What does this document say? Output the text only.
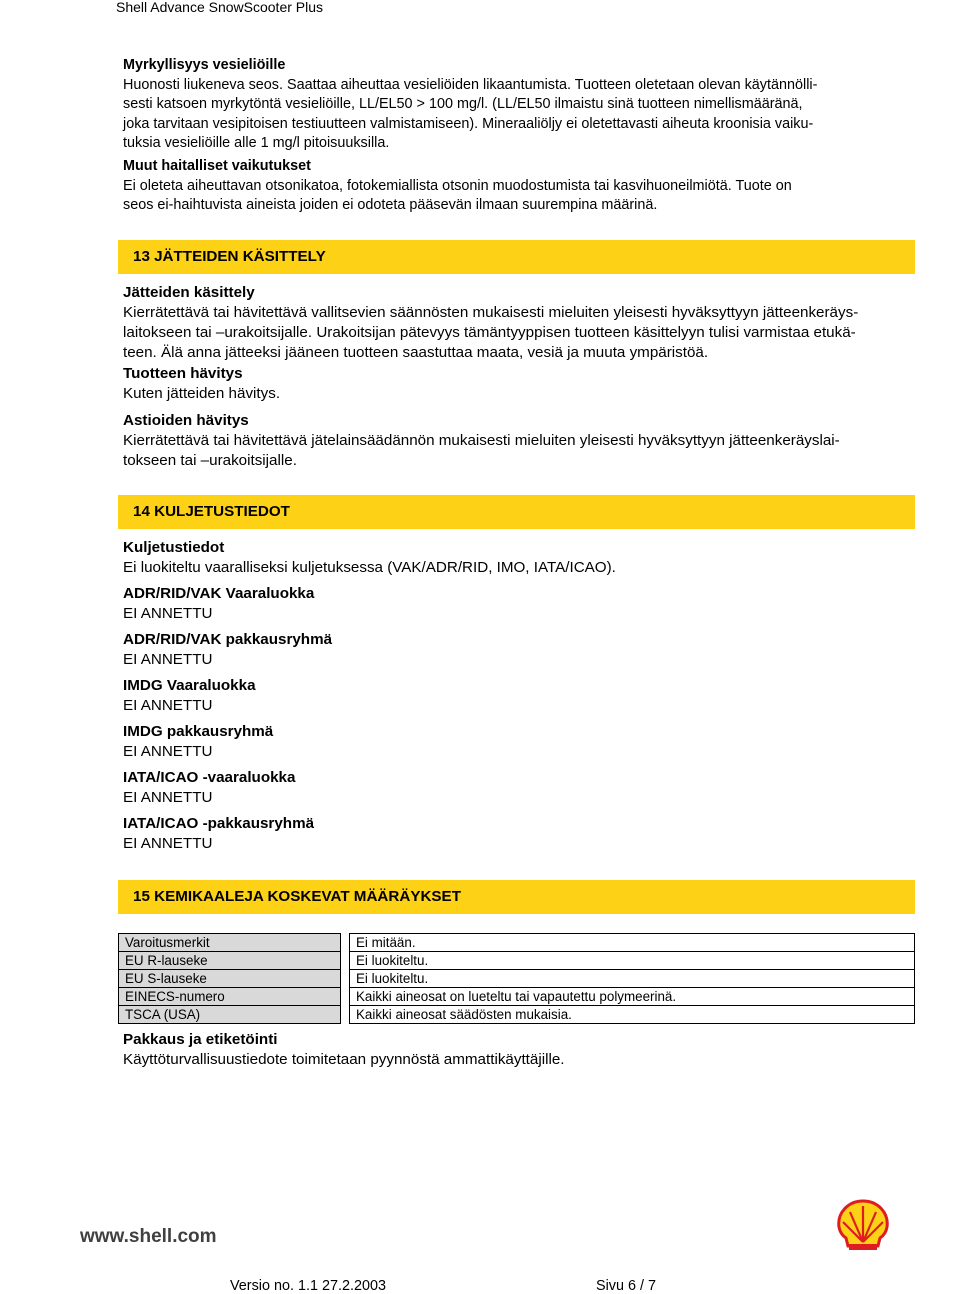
Shell Advance SnowScooter Plus

Myrkyllisyys vesieliöille

Huonosti liukeneva seos. Saattaa aiheuttaa vesieliöiden likaantumista. Tuotteen oletetaan olevan käytännölli-

sesti katsoen myrkytöntä vesieliöille, LL/EL50 > 100 mg/l. (LL/EL50 ilmaistu sinä tuotteen nimellismääränä,

joka tarvitaan vesipitoisen testiuutteen valmistamiseen). Mineraaliöljy ei oletettavasti aiheuta kroonisia vaiku-

tuksia vesieliöille alle 1 mg/l pitoisuuksilla.

Muut haitalliset vaikutukset

Ei oleteta aiheuttavan otsonikatoa, fotokemiallista otsonin muodostumista tai kasvihuoneilmiötä. Tuote on

seos ei-haihtuvista aineista joiden ei odoteta pääsevän ilmaan suurempina määrinä.

13 JÄTTEIDEN KÄSITTELY

Jätteiden käsittely

Kierrätettävä tai hävitettävä vallitsevien säännösten mukaisesti mieluiten yleisesti hyväksyttyyn jätteenkeräys-

laitokseen tai –urakoitsijalle. Urakoitsijan pätevyys tämäntyyppisen tuotteen käsittelyyn tulisi varmistaa etukä-

teen. Älä anna jätteeksi jääneen tuotteen saastuttaa maata, vesiä ja muuta ympäristöä.

Tuotteen hävitys

Kuten jätteiden hävitys.

Astioiden hävitys

Kierrätettävä tai hävitettävä jätelainsäädännön mukaisesti mieluiten yleisesti hyväksyttyyn jätteenkeräyslai-

tokseen tai –urakoitsijalle.

14 KULJETUSTIEDOT

Kuljetustiedot

Ei luokiteltu vaaralliseksi kuljetuksessa (VAK/ADR/RID, IMO, IATA/ICAO).

ADR/RID/VAK Vaaraluokka

EI ANNETTU

ADR/RID/VAK pakkausryhmä

EI ANNETTU

IMDG Vaaraluokka

EI ANNETTU

IMDG pakkausryhmä

EI ANNETTU

IATA/ICAO -vaaraluokka

EI ANNETTU

IATA/ICAO -pakkausryhmä

EI ANNETTU

15 KEMIKAALEJA KOSKEVAT MÄÄRÄYKSET
Varoitusmerkit		Ei mitään.
EU R-lauseke		Ei luokiteltu.
EU S-lauseke		Ei luokiteltu.
EINECS-numero		Kaikki aineosat on lueteltu tai vapautettu polymeerinä.
TSCA (USA)		Kaikki aineosat säädösten mukaisia.

Pakkaus ja etiketöinti

Käyttöturvallisuustiedote toimitetaan pyynnöstä ammattikäyttäjille.

www.shell.com
Versio no. 1.1 27.2.2003	Sivu 6 / 7
